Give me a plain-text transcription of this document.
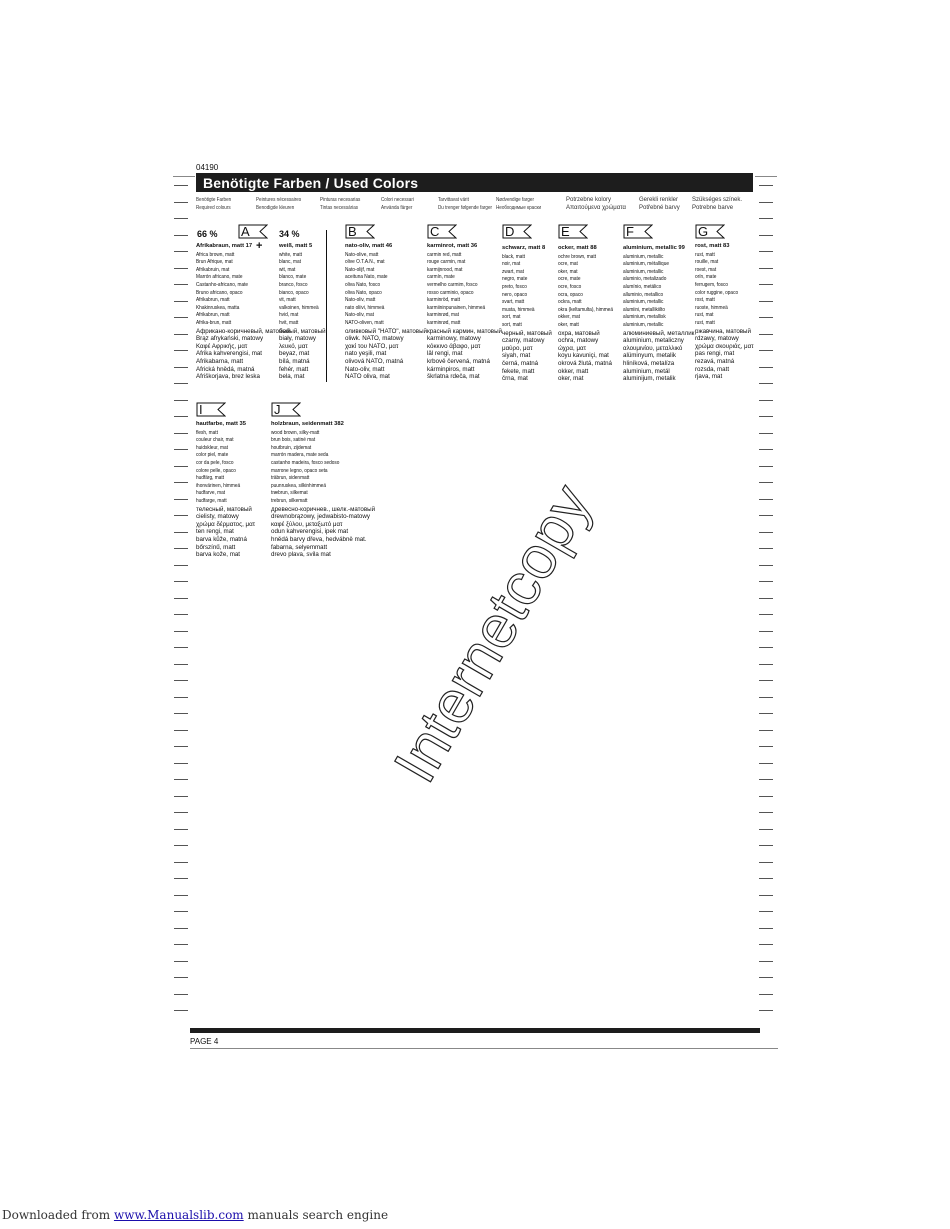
04190
Benötigte Farben / Used Colors
Benötigte Farben
Required colours
Peintures nécessaires
Benodigde kleuren
Pinturas necesarias
Tintas necessárias
Colori necessari
Använda färger
Tarvittavat värit
Du trenger følgende farger
Nødvendige farger
Необходимые краски
Potrzebne kolory
Απαιτούμενα χρώματα
Gerekli renkler
Potřebné barvy
Szükséges színek.
Potrebne barve
66 %	34 %
+
A
Afrikabraun, matt 17
Africa brown, matt
Brun Afrique, mat
Afrikabruin, mat
Marrón africano, mate
Castanho-africano, mate
Bruno africano, opaco
Afrikabrun, matt
Khakinruskea, matta
Afrikabrun, matt
Afrika-brun, matt
Африкано-коричневый, матовый
Brąz afrykański, matowy
Καφέ Αφρικής, ματ
Afrika kahverengisi, mat
Afrikabarna, matt
Africká hnědá, matná
Afriškorjava, brez leska
weiß, matt 5
white, matt
blanc, mat
wit, mat
blanco, mate
branco, fosco
bianco, opaco
vit, matt
valkoinen, himmeä
hvid, mat
hvit, matt
белый, матовый
biały, matowy
λευκό, ματ
beyaz, mat
bílá, matná
fehér, matt
bela, mat
B
nato-oliv, matt 46
Nato-olive, matt
olive O.T.A.N., mat
Nato-olijf, mat
aceituna Nato, mate
oliva Nato, fosco
oliva Nato, opaco
Nato-oliv, matt
nato oliivi, himmeä
Nato-oliv, mat
NATO-oliven, matt
оливковый "НАТО", матовый
oliwk. NATO, matowy
χακί του NATO, ματ
nato yeşili, mat
olivová NATO, matná
Nato-oliv, matt
NATO oliva, mat
C
karminrot, matt 36
carmin red, matt
rouge carmin, mat
karmijnrood, mat
carmín, mate
vermelho carmim, fosco
rosso carminio, opaco
karminröd, matt
karmiininpunainen, himmeä
karminrød, mat
karminrød, matt
красный кармин, матовый
karminowy, matowy
κόκκινο άβαφο, ματ
lâl rengi, mat
krbově červená, matná
kárminpiros, matt
škrlatna rdeča, mat
D
schwarz, matt 8
black, matt
noir, mat
zwart, mat
negro, mate
preto, fosco
nero, opaco
svart, matt
musta, himmeä
sort, mat
sort, matt
черный, матовый
czarny, matowy
μαύρο, ματ
siyah, mat
černá, matná
fekete, matt
črna, mat
E
ocker, matt 88
ochre brown, matt
ocre, mat
oker, mat
ocre, mate
ocre, fosco
ocra, opaco
ockra, matt
okra (keltamulta), himmeä
okker, mat
oker, matt
охра, матовый
ochra, matowy
ώχρα, ματ
koyu kavuniçi, mat
okrová žlutá, matná
okker, matt
oker, mat
F
aluminium, metallic 99
aluminium, metallic
aluminium, métallique
aluminium, metallic
aluminio, metalizado
alumínio, metálico
alluminio, metallico
aluminium, metallic
alumiini, metallikiilto
aluminium, metallisk
aluminium, metallic
алюминиевый, металлик
aluminium, metaliczny
αλουμινίου, μεταλλικό
alüminyum, metalik
hliníková, metalíza
aluminium, metál
aluminijum, metalik
G
rost, matt 83
rust, matt
rouille, mat
roest, mat
orín, mate
ferrugem, fosco
color ruggine, opaco
rost, matt
ruoste, himmeä
rust, mat
rust, matt
ржавчина, матовый
rdzawy, matowy
χρώμα σκουριάς, ματ
pas rengi, mat
rezavá, matná
rozsda, matt
rjava, mat
I
hautfarbe, matt 35
flesh, matt
couleur chair, mat
huidskleur, mat
color piel, mate
cor da pele, fosco
colore pelle, opaco
hudfärg, matt
ihonvärinen, himmeä
hudfarve, mat
hudfarge, matt
телесный, матовый
cielisty, matowy
χρώμα δέρματος, ματ
ten rengi, mat
barva kůže, matná
bőrszínű, matt
barva kože, mat
J
holzbraun, seidenmatt 382
wood brown, silky-matt
brun bois, satiné mat
houtbruin, zijdemat
marrón madera, mate seda
castanho madeira, fosco sedoso
marrone legno, opaco seta
träbrun, sidenmatt
puunruskea, silkinhimmeä
træbrun, silkemat
trebrun, silkematt
древесно-коричнев., шелк.-матовый
drewnobrązowy, jedwabisto-matowy
καφέ ξύλου, μεταξωτό ματ
odun kahverengisi, ipek mat
hnědá barvy dřeva, hedvábně mat.
fabarna, selyemmatt
drevo plava, svila mat Internetcopy
PAGE 4
Downloaded from www.Manualslib.com manuals search engine
